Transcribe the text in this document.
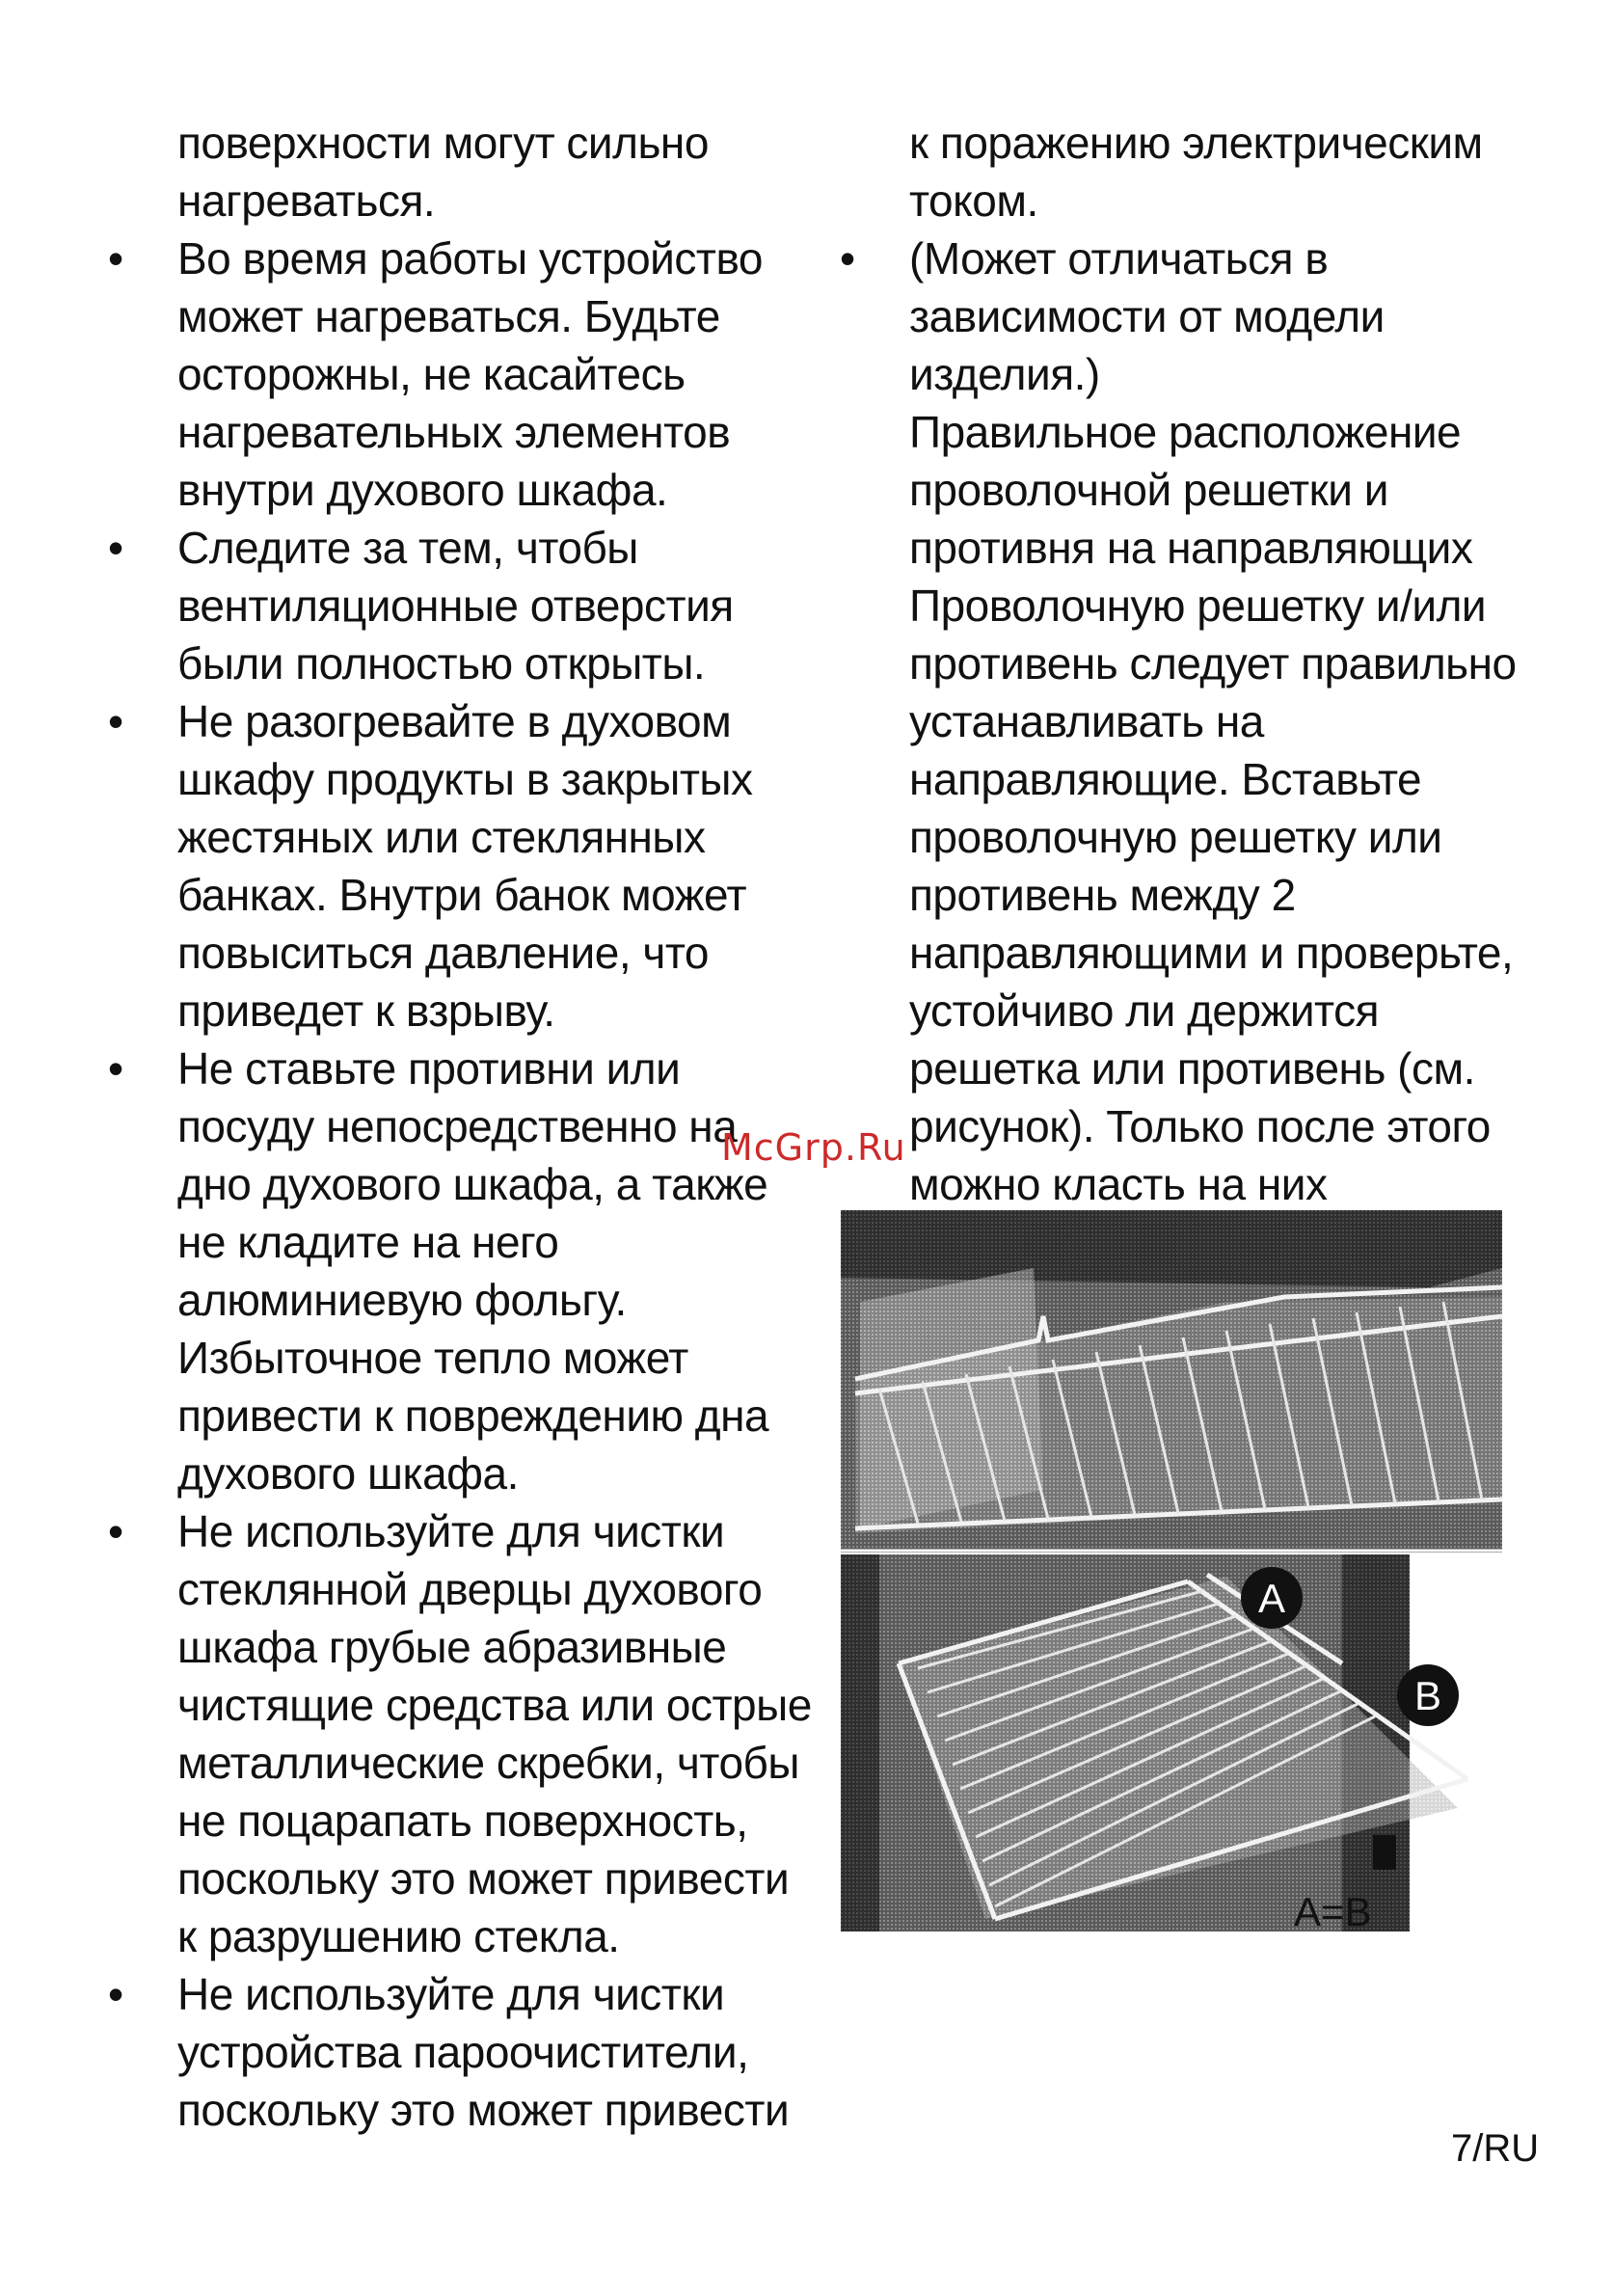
поверхности могут сильно
нагреваться.

• Во время работы устройство
может нагреваться. Будьте
осторожны, не касайтесь
нагревательных элементов
внутри духового шкафа.

• Следите за тем, чтобы
вентиляционные отверстия
были полностью открыты.

• Не разогревайте в духовом
шкафу продукты в закрытых
жестяных или стеклянных
банках. Внутри банок может
повыситься давление, что
приведет к взрыву.

• Не ставьте противни или
посуду непосредственно на
дно духового шкафа, а также
не кладите на него
алюминиевую фольгу.
Избыточное тепло может
привести к повреждению дна
духового шкафа.

• Не используйте для чистки
стеклянной дверцы духового
шкафа грубые абразивные
чистящие средства или острые
металлические скребки, чтобы
не поцарапать поверхность,
поскольку это может привести
к разрушению стекла.

• Не используйте для чистки
устройства пароочистители,
поскольку это может привести

к поражению электрическим
током.

• (Может отличаться в
зависимости от модели
изделия.)
Правильное расположение
проволочной решетки и
противня на направляющих
Проволочную решетку и/или
противень следует правильно
устанавливать на
направляющие. Вставьте
проволочную решетку или
противень между 2
направляющими и проверьте,
устойчиво ли держится
решетка или противень (см.
рисунок). Только после этого
можно класть на них

McGrp.Ru
A
B
A=B
7/RU
